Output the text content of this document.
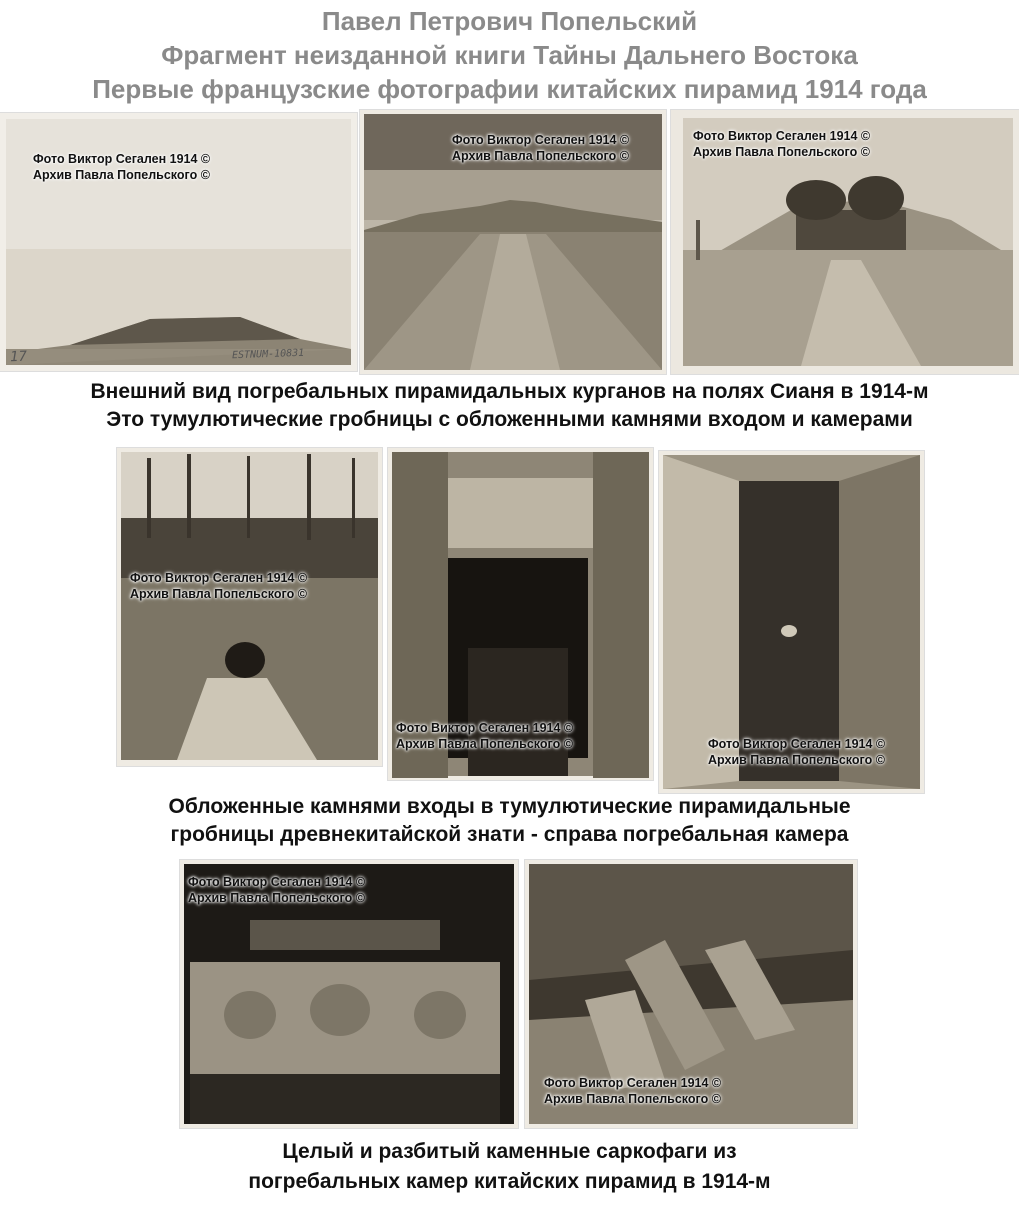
Павел Петрович Попельский
Фрагмент неизданной книги Тайны Дальнего Востока
Первые французские фотографии китайских пирамид 1914 года
17	ESTNUM-10831
Фото Виктор Сегален 1914 ©
Архив Павла Попельского ©
Фото Виктор Сегален 1914 ©
Архив Павла Попельского ©
Фото Виктор Сегален 1914 ©
Архив Павла Попельского ©
Внешний вид погребальных пирамидальных курганов на полях Сианя в 1914-м
Это тумулютические гробницы с обложенными камнями входом и камерами
Фото Виктор Сегален 1914 ©
Архив Павла Попельского ©
Фото Виктор Сегален 1914 ©
Архив Павла Попельского ©	Фото Виктор Сегален 1914 ©
Архив Павла Попельского ©
Обложенные камнями входы в тумулютические пирамидальные
гробницы древнекитайской знати - справа погребальная камера
Фото Виктор Сегален 1914 ©
Архив Павла Попельского ©
Фото Виктор Сегален 1914 ©
Архив Павла Попельского ©
Целый и разбитый каменные саркофаги из
погребальных камер китайских пирамид в 1914-м
